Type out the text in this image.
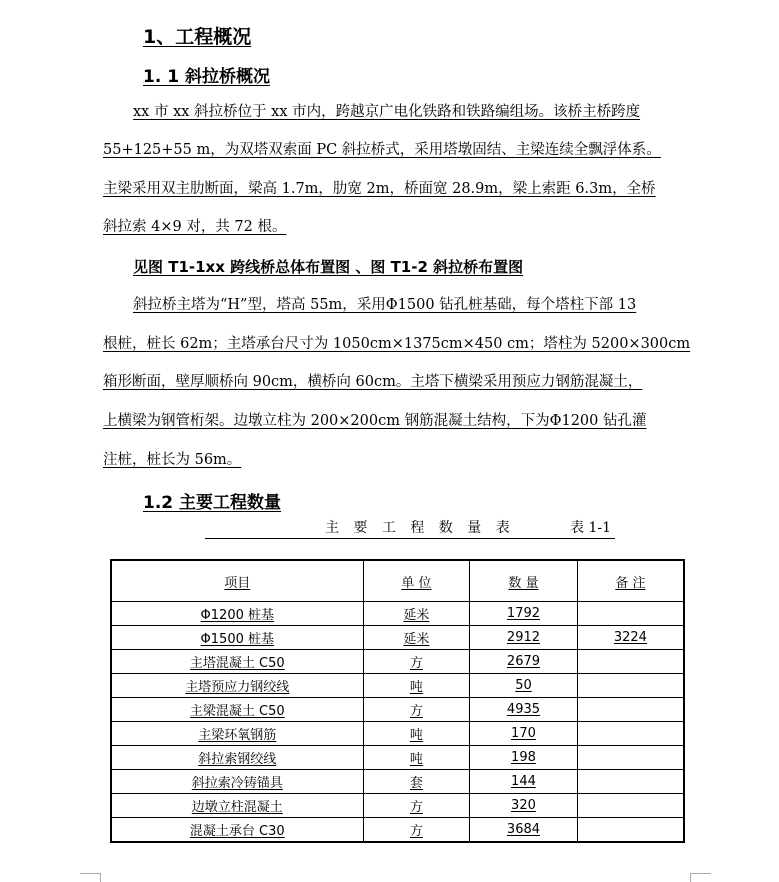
1、工程概况
1. 1 斜拉桥概况
xx 市 xx 斜拉桥位于 xx 市内，跨越京广电化铁路和铁路编组场。该桥主桥跨度
55+125+55 m，为双塔双索面 PC 斜拉桥式，采用塔墩固结、主梁连续全飘浮体系。
主梁采用双主肋断面，梁高 1.7m，肋宽 2m，桥面宽 28.9m，梁上索距 6.3m，全桥
斜拉索 4×9 对，共 72 根。
见图 T1-1xx 跨线桥总体布置图 、图 T1-2 斜拉桥布置图
斜拉桥主塔为“H”型，塔高 55m，采用Φ1500 钻孔桩基础，每个塔柱下部 13
根桩，桩长 62m；主塔承台尺寸为 1050cm×1375cm×450 cm；塔柱为 5200×300cm
箱形断面，壁厚顺桥向 90cm，横桥向 60cm。主塔下横梁采用预应力钢筋混凝土，
上横梁为钢管桁架。边墩立柱为 200×200cm 钢筋混凝土结构，下为Φ1200 钻孔灌
注桩，桩长为 56m。
1.2 主要工程数量
主 要 工 程 数 量 表	表 1-1
项目	单 位	数 量	备 注
Φ1200 桩基	延米	1792	
Φ1500 桩基	延米	2912	3224
主塔混凝土 C50	方	2679	
主塔预应力钢绞线	吨	50	
主梁混凝土 C50	方	4935	
主梁环氧钢筋	吨	170	
斜拉索钢绞线	吨	198	
斜拉索冷铸锚具	套	144	
边墩立柱混凝土	方	320	
混凝土承台 C30	方	3684	
